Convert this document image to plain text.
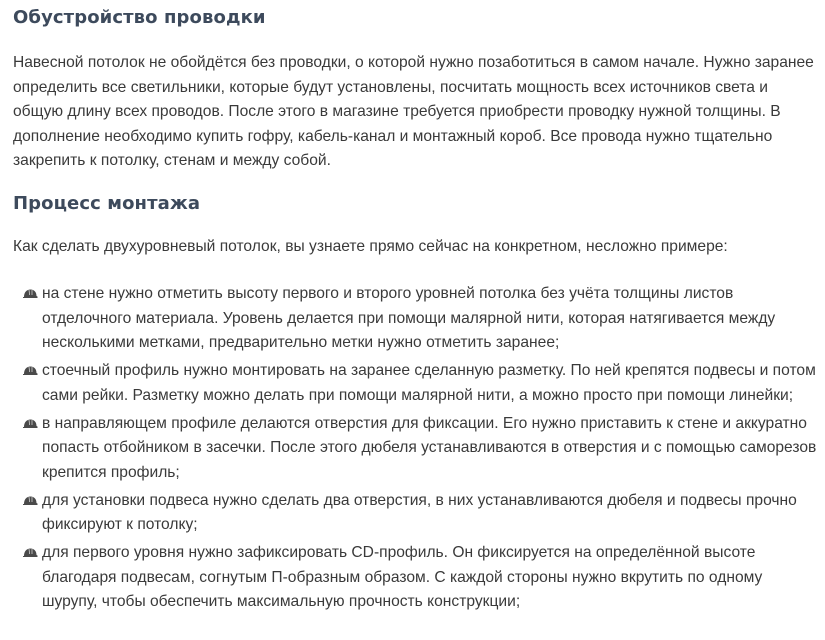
Обустройство проводки

Навесной потолок не обойдётся без проводки, о которой нужно позаботиться в самом начале. Нужно заранее определить все светильники, которые будут установлены, посчитать мощность всех источников света и общую длину всех проводов. После этого в магазине требуется приобрести проводку нужной толщины. В дополнение необходимо купить гофру, кабель-канал и монтажный короб. Все провода нужно тщательно закрепить к потолку, стенам и между собой.

Процесс монтажа

Как сделать двухуровневый потолок, вы узнаете прямо сейчас на конкретном, несложно примере:

на стене нужно отметить высоту первого и второго уровней потолка без учёта толщины листов отделочного материала. Уровень делается при помощи малярной нити, которая натягивается между несколькими метками, предварительно метки нужно отметить заранее;
стоечный профиль нужно монтировать на заранее сделанную разметку. По ней крепятся подвесы и потом сами рейки. Разметку можно делать при помощи малярной нити, а можно просто при помощи линейки;
в направляющем профиле делаются отверстия для фиксации. Его нужно приставить к стене и аккуратно попасть отбойником в засечки. После этого дюбеля устанавливаются в отверстия и с помощью саморезов крепится профиль;
для установки подвеса нужно сделать два отверстия, в них устанавливаются дюбеля и подвесы прочно фиксируют к потолку;
для первого уровня нужно зафиксировать CD-профиль. Он фиксируется на определённой высоте благодаря подвесам, согнутым П-образным образом. С каждой стороны нужно вкрутить по одному шурупу, чтобы обеспечить максимальную прочность конструкции;
